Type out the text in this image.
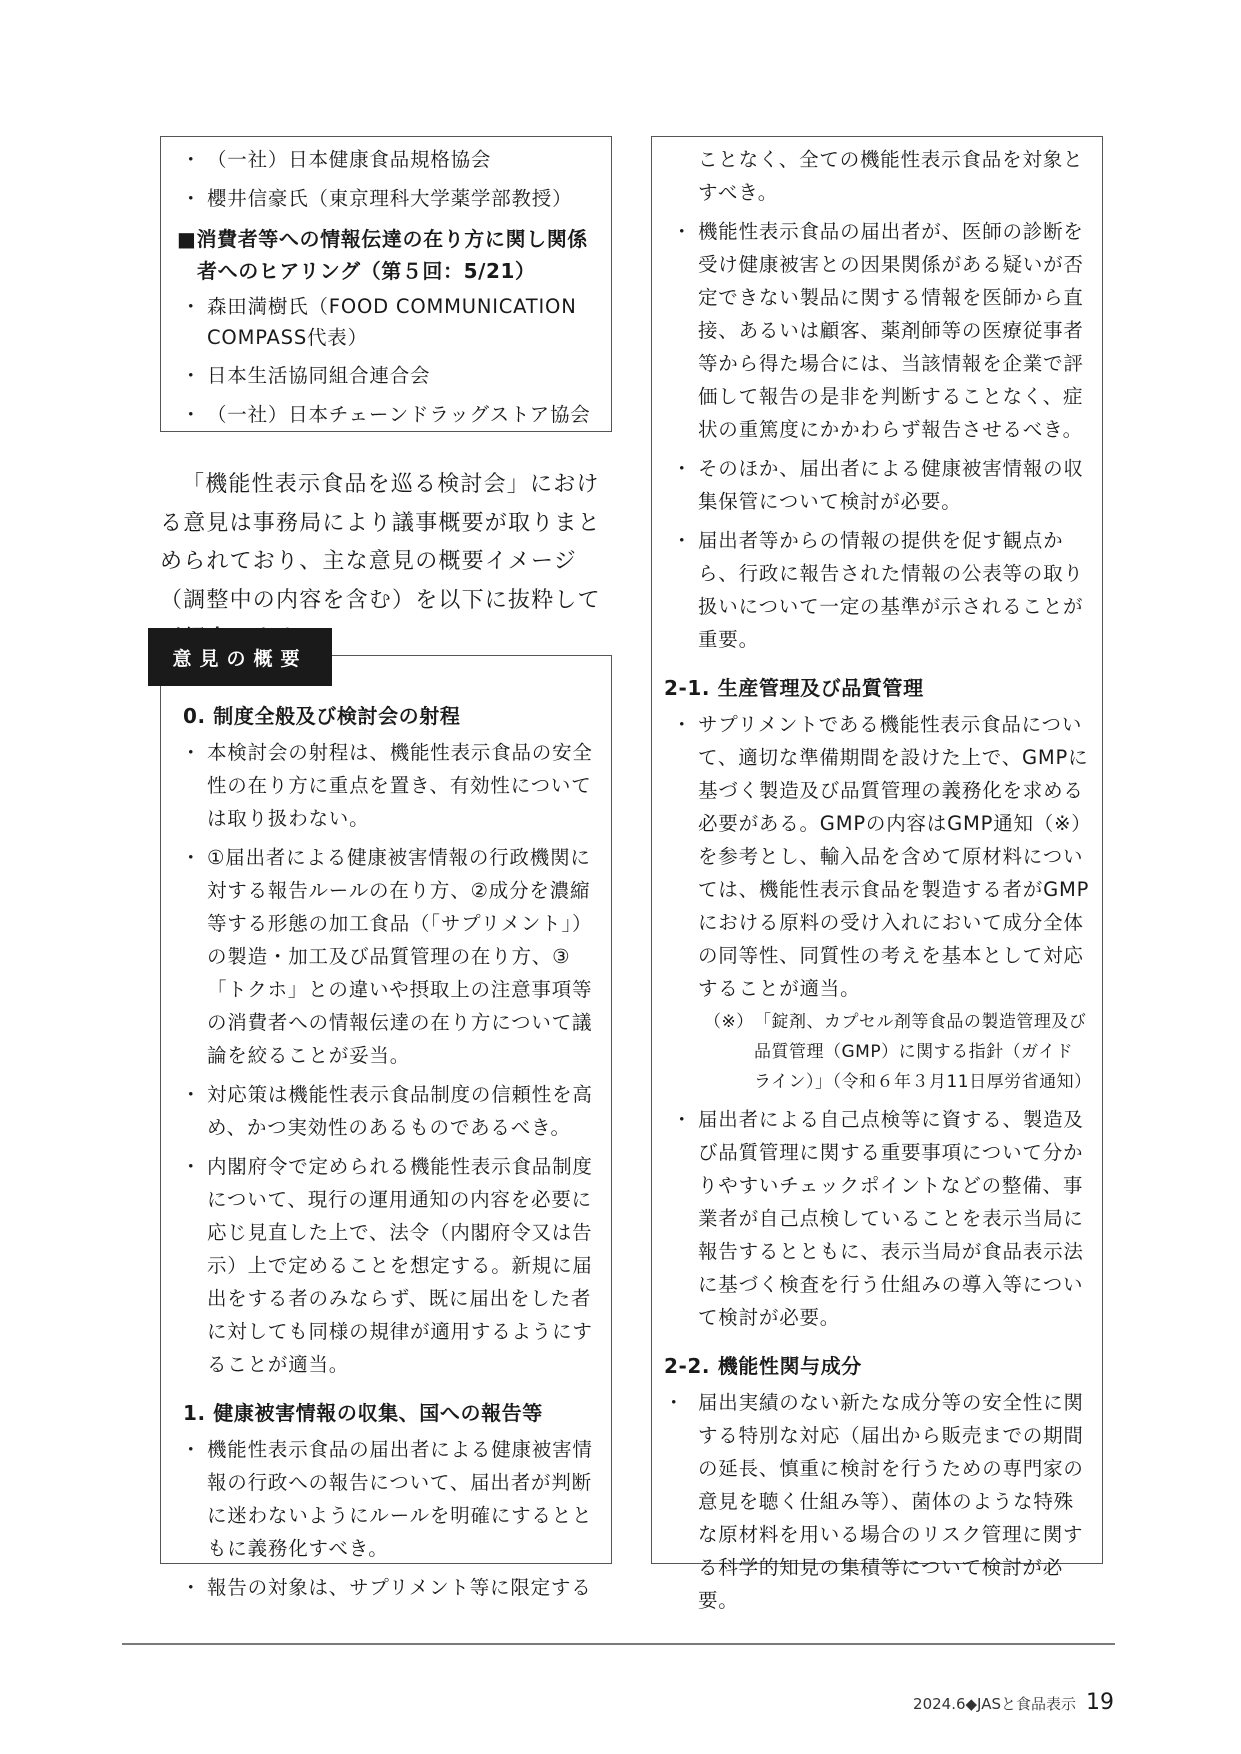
・ （一社）日本健康食品規格協会
・ 櫻井信豪氏（東京理科大学薬学部教授）
■消費者等への情報伝達の在り方に関し関係者へのヒアリング（第５回：5/21）
・ 森田満樹氏（FOOD COMMUNICATION COMPASS代表）
・ 日本生活協同組合連合会
・ （一社）日本チェーンドラッグストア協会

「機能性表示食品を巡る検討会」における意見は事務局により議事概要が取りまとめられており、主な意見の概要イメージ（調整中の内容を含む）を以下に抜粋して

0. 制度全般及び検討会の射程
・ 本検討会の射程は、機能性表示食品の安全性の在り方に重点を置き、有効性については取り扱わない。
・ ①届出者による健康被害情報の行政機関に対する報告ルールの在り方、②成分を濃縮等する形態の加工食品（「サプリメント」）の製造・加工及び品質管理の在り方、③「トクホ」との違いや摂取上の注意事項等の消費者への情報伝達の在り方について議論を絞ることが妥当。
・ 対応策は機能性表示食品制度の信頼性を高め、かつ実効性のあるものであるべき。
・ 内閣府令で定められる機能性表示食品制度について、現行の運用通知の内容を必要に応じ見直した上で、法令（内閣府令又は告示）上で定めることを想定する。新規に届出をする者のみならず、既に届出をした者に対しても同様の規律が適用するようにすることが適当。
1. 健康被害情報の収集、国への報告等
・ 機能性表示食品の届出者による健康被害情報の行政への報告について、届出者が判断に迷わないようにルールを明確にするとともに義務化すべき。
・ 報告の対象は、サプリメント等に限定する
意見の概要
ことなく、全ての機能性表示食品を対象とすべき。
・ 機能性表示食品の届出者が、医師の診断を受け健康被害との因果関係がある疑いが否定できない製品に関する情報を医師から直接、あるいは顧客、薬剤師等の医療従事者等から得た場合には、当該情報を企業で評価して報告の是非を判断することなく、症状の重篤度にかかわらず報告させるべき。
・ そのほか、届出者による健康被害情報の収集保管について検討が必要。
・ 届出者等からの情報の提供を促す観点から、行政に報告された情報の公表等の取り扱いについて一定の基準が示されることが重要。
2-1. 生産管理及び品質管理
・ サプリメントである機能性表示食品について、適切な準備期間を設けた上で、GMPに基づく製造及び品質管理の義務化を求める必要がある。GMPの内容はGMP通知（※）を参考とし、輸入品を含めて原材料については、機能性表示食品を製造する者がGMPにおける原料の受け入れにおいて成分全体の同等性、同質性の考えを基本として対応することが適当。
（※） 「錠剤、カプセル剤等食品の製造管理及び品質管理（GMP）に関する指針（ガイドライン）」（令和６年３月11日厚労省通知）
・ 届出者による自己点検等に資する、製造及び品質管理に関する重要事項について分かりやすいチェックポイントなどの整備、事業者が自己点検していることを表示当局に報告するとともに、表示当局が食品表示法に基づく検査を行う仕組みの導入等について検討が必要。
2-2. 機能性関与成分
・ 届出実績のない新たな成分等の安全性に関する特別な対応（届出から販売までの期間の延長、慎重に検討を行うための専門家の意見を聴く仕組み等）、菌体のような特殊な原材料を用いる場合のリスク管理に関する科学的知見の集積等について検討が必要。
2024.6◆JASと食品表示 19
